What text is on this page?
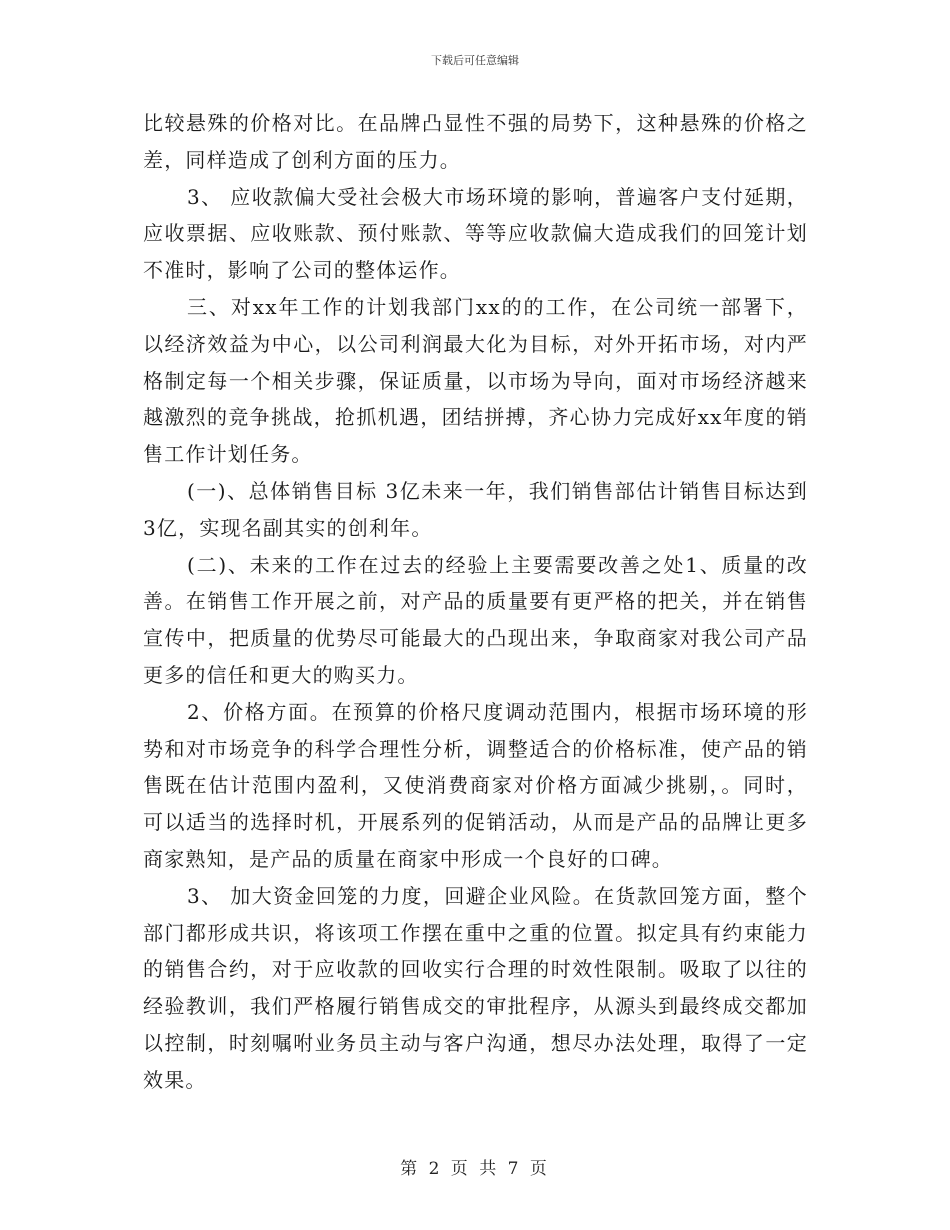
下载后可任意编辑

比较悬殊的价格对比。在品牌凸显性不强的局势下，这种悬殊的价格之差，同样造成了创利方面的压力。

3、 应收款偏大受社会极大市场环境的影响，普遍客户支付延期，应收票据、应收账款、预付账款、等等应收款偏大造成我们的回笼计划不准时，影响了公司的整体运作。

三、对xx年工作的计划我部门xx的的工作，在公司统一部署下，以经济效益为中心，以公司利润最大化为目标，对外开拓市场，对内严格制定每一个相关步骤，保证质量，以市场为导向，面对市场经济越来越激烈的竞争挑战，抢抓机遇，团结拼搏，齐心协力完成好xx年度的销售工作计划任务。

(一)、总体销售目标 3亿未来一年，我们销售部估计销售目标达到3亿，实现名副其实的创利年。

(二)、未来的工作在过去的经验上主要需要改善之处1、质量的改善。在销售工作开展之前，对产品的质量要有更严格的把关，并在销售宣传中，把质量的优势尽可能最大的凸现出来，争取商家对我公司产品更多的信任和更大的购买力。

2、价格方面。在预算的价格尺度调动范围内，根据市场环境的形势和对市场竞争的科学合理性分析，调整适合的价格标准，使产品的销售既在估计范围内盈利，又使消费商家对价格方面减少挑剔，。同时，可以适当的选择时机，开展系列的促销活动，从而是产品的品牌让更多商家熟知，是产品的质量在商家中形成一个良好的口碑。

3、 加大资金回笼的力度，回避企业风险。在货款回笼方面，整个部门都形成共识，将该项工作摆在重中之重的位置。拟定具有约束能力的销售合约，对于应收款的回收实行合理的时效性限制。吸取了以往的经验教训，我们严格履行销售成交的审批程序，从源头到最终成交都加以控制，时刻嘱咐业务员主动与客户沟通，想尽办法处理，取得了一定效果。

第 2 页 共 7 页
